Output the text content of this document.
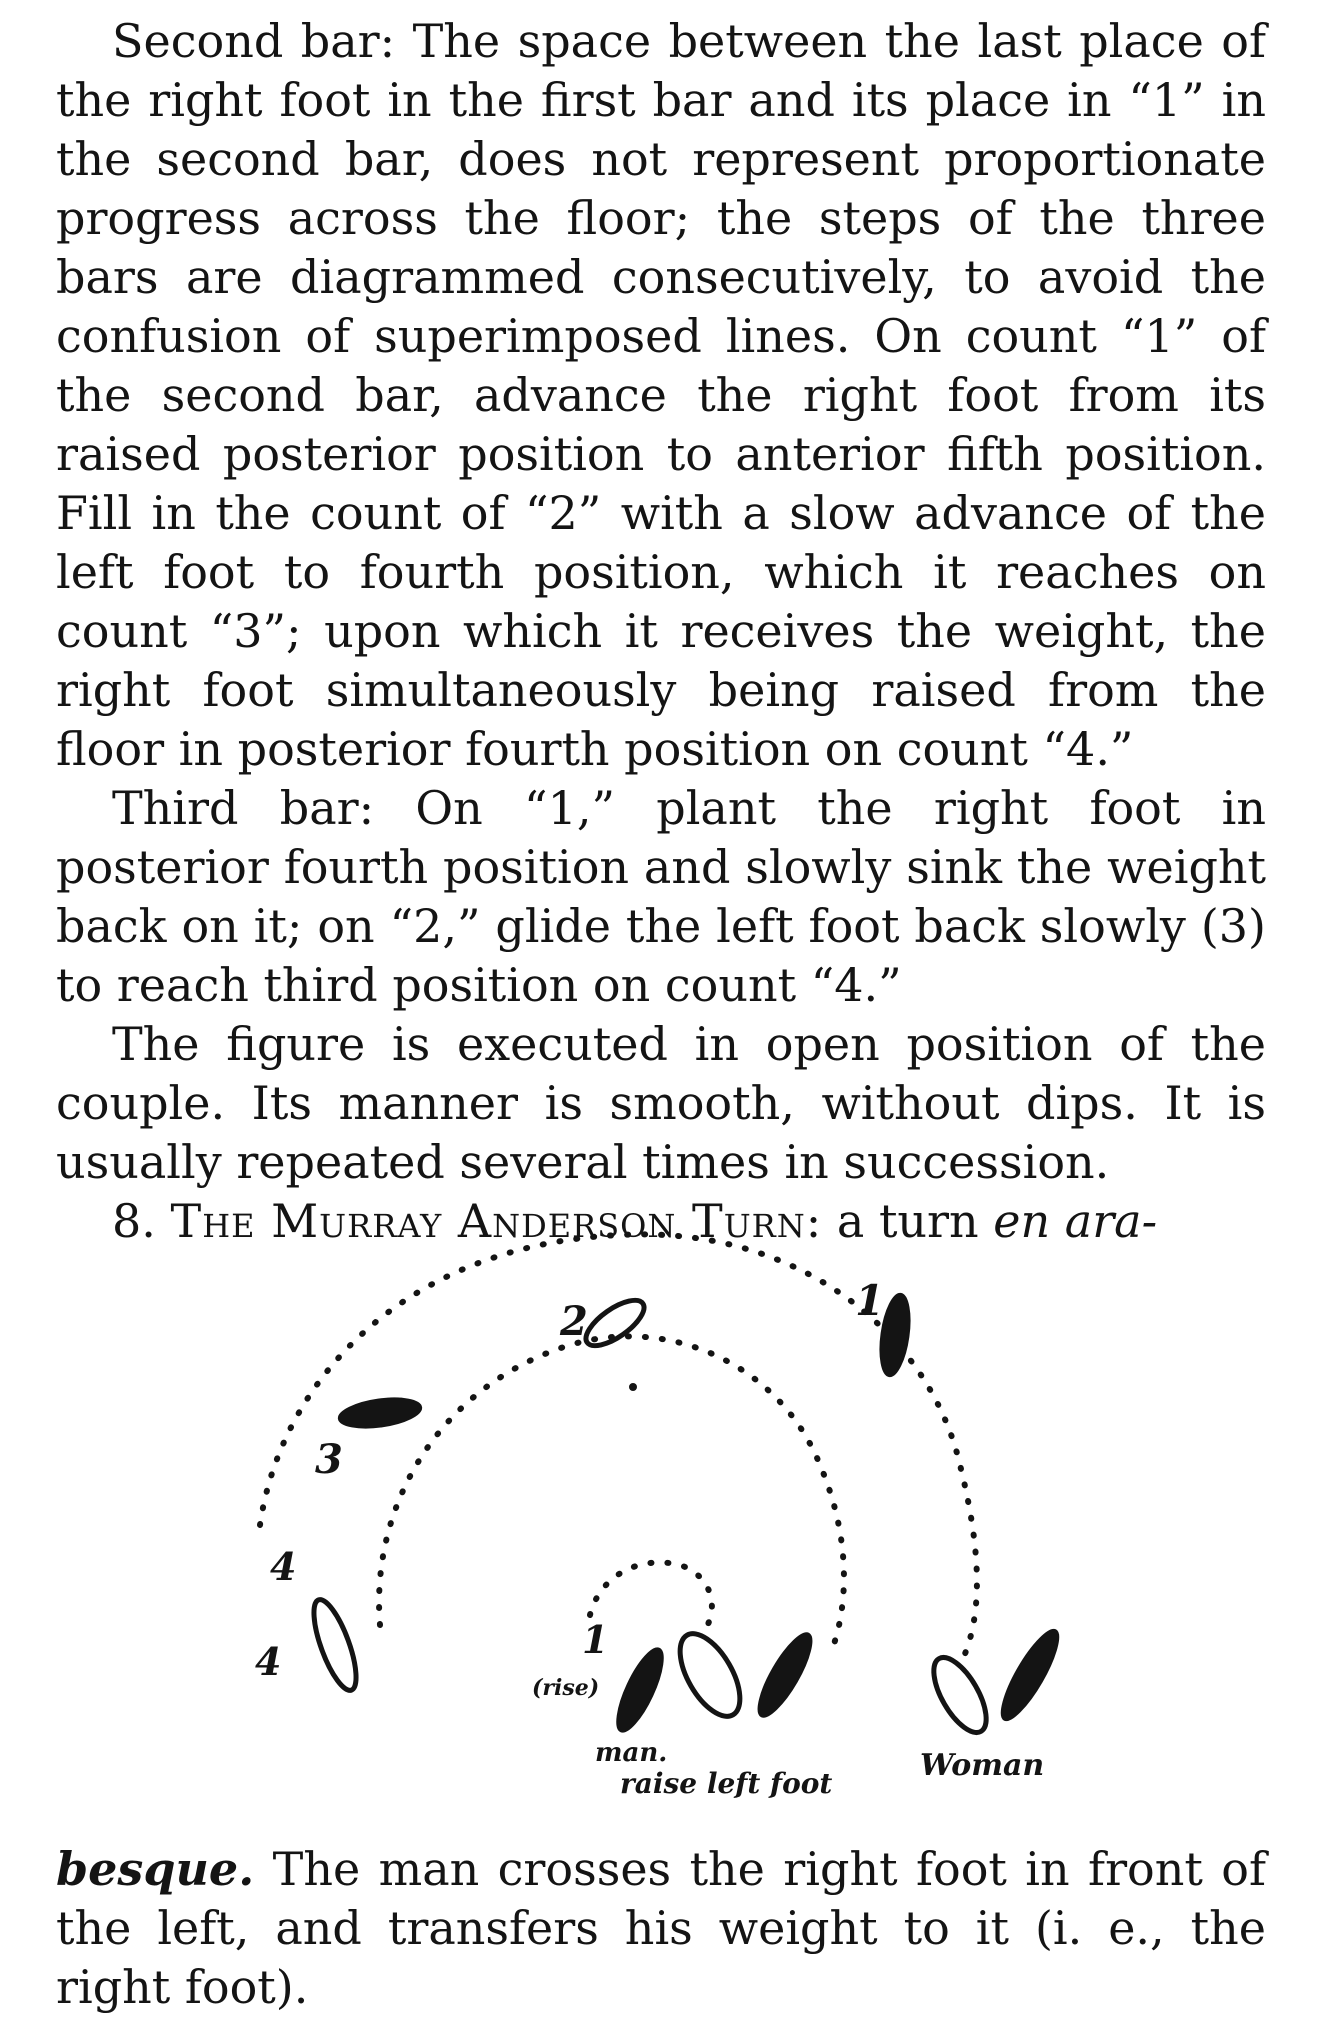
Second bar: The space between the last place of the right foot in the first bar and its place in “1” in the second bar, does not represent proportionate progress across the floor; the steps of the three bars are diagrammed consecutively, to avoid the confusion of superimposed lines. On count “1” of the second bar, advance the right foot from its raised posterior position to anterior fifth position. Fill in the count of “2” with a slow advance of the left foot to fourth position, which it reaches on count “3”; upon which it receives the weight, the right foot simultaneously being raised from the floor in posterior fourth position on count “4.”

Third bar: On “1,” plant the right foot in posterior fourth position and slowly sink the weight back on it; on “2,” glide the left foot back slowly (3) to reach third position on count “4.”

The figure is executed in open position of the couple. Its manner is smooth, without dips. It is usually repeated several times in succession.

8. The Murray Anderson Turn: a turn en ara-

1
2
3
4
4	1
(rise)
man.
raise left foot
Woman

besque. The man crosses the right foot in front of the left, and transfers his weight to it (i. e., the right foot).
